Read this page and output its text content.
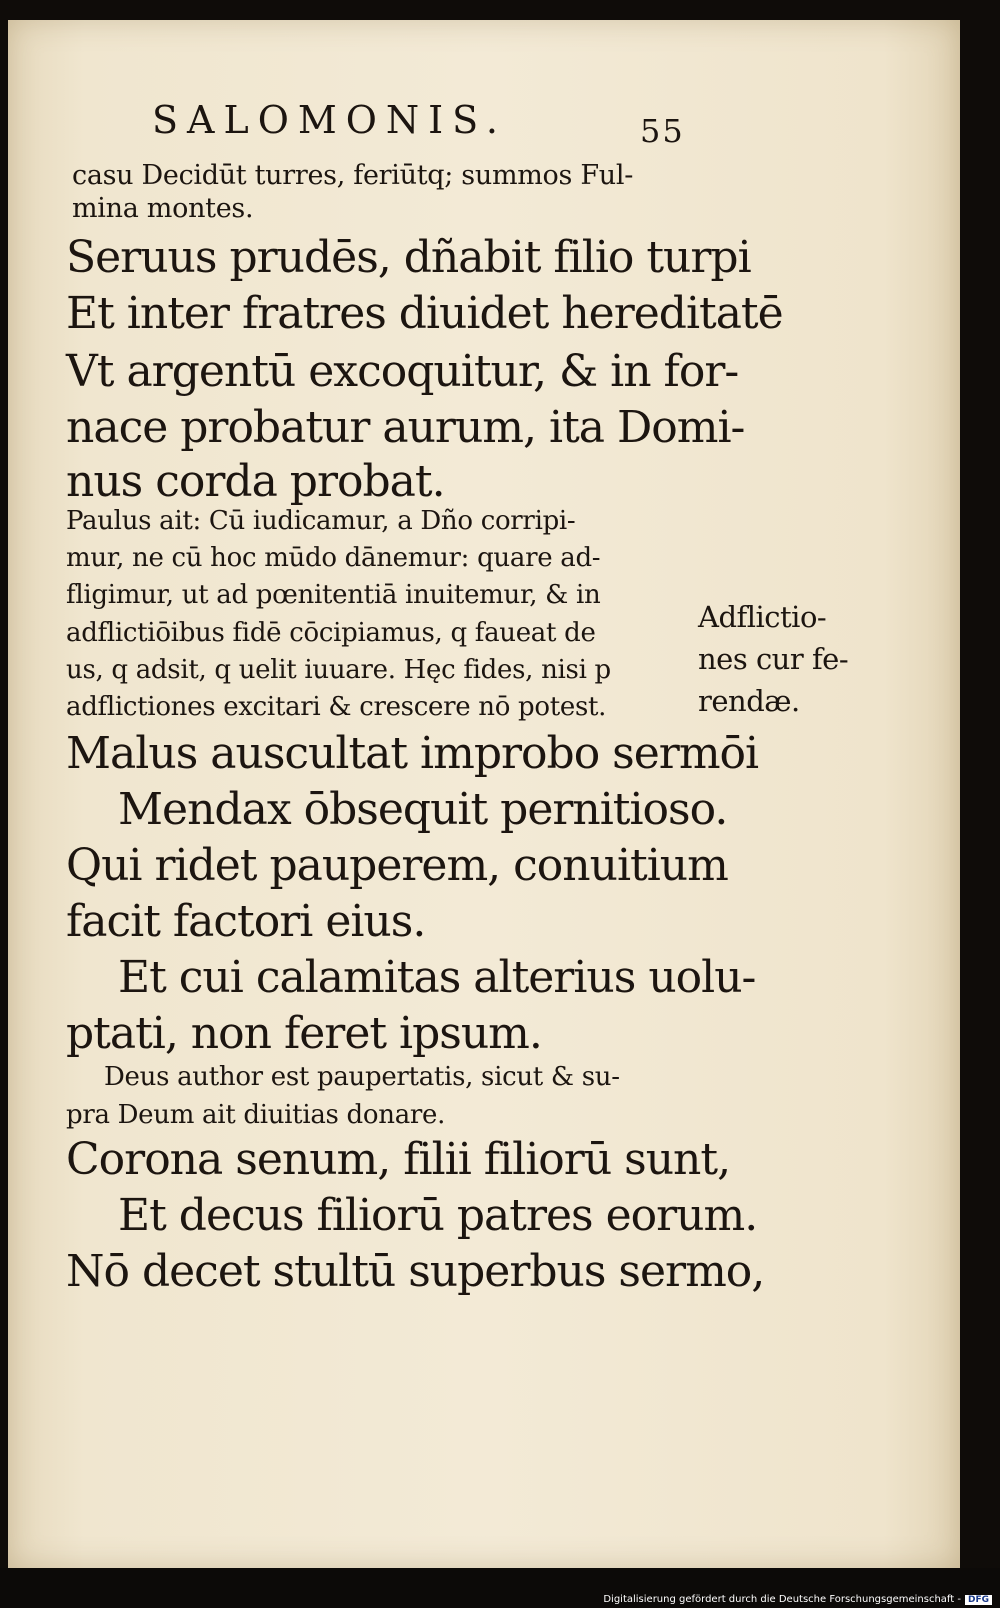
SALOMONIS.	55
casu Decidūt turres, feriūtq; summos Ful-
mina montes.
Seruus prudēs, dñabit filio turpi
Et inter fratres diuidet hereditatē
Vt argentū excoquitur, & in for-
nace probatur aurum, ita Domi-
nus corda probat.
Paulus ait: Cū iudicamur, a Dño corripi-
mur, ne cū hoc mūdo dānemur: quare ad-
fligimur, ut ad pœnitentiā inuitemur, & in
adflictiōibus fidē cōcipiamus, q faueat de
us, q adsit, q uelit iuuare. Hęc fides, nisi p
adflictiones excitari & crescere nō potest.
Malus auscultat improbo sermōi
Mendax ōbsequit pernitioso.
Qui ridet pauperem, conuitium
facit factori eius.
Et cui calamitas alterius uolu-
ptati, non feret ipsum.
Deus author est paupertatis, sicut & su-
pra Deum ait diuitias donare.
Corona senum, filii filiorū sunt,
Et decus filiorū patres eorum.
Nō decet stultū superbus sermo,
Adflictio-
nes cur fe-
rendæ.
Digitalisierung gefördert durch die Deutsche Forschungsgemeinschaft - DFG
